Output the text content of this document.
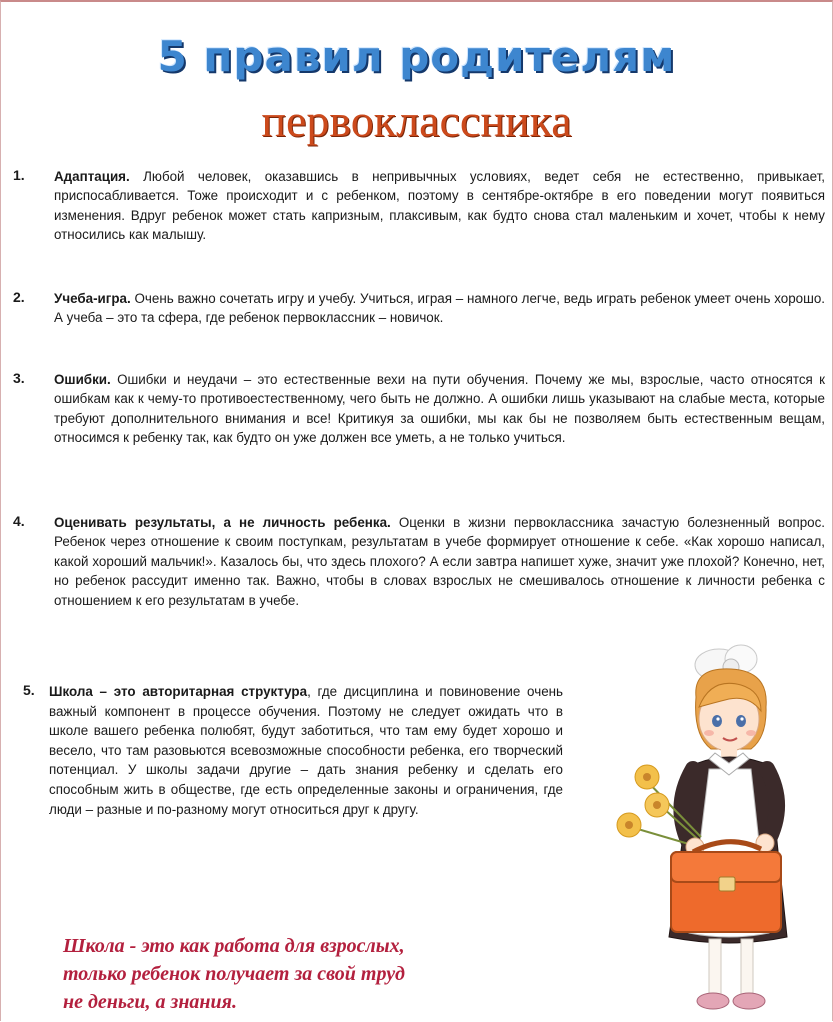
5 правил родителям
первоклассника
1. Адаптация. Любой человек, оказавшись в непривычных условиях, ведет себя не естественно, привыкает, приспосабливается. Тоже происходит и с ребенком, поэтому в сентябре-октябре в его поведении могут появиться изменения. Вдруг ребенок может стать капризным, плаксивым, как будто снова стал маленьким и хочет, чтобы к нему относились как малышу.
2. Учеба-игра. Очень важно сочетать игру и учебу. Учиться, играя – намного легче, ведь играть ребенок умеет очень хорошо. А учеба – это та сфера, где ребенок первоклассник – новичок.
3. Ошибки. Ошибки и неудачи – это естественные вехи на пути обучения. Почему же мы, взрослые, часто относятся к ошибкам как к чему-то противоестественному, чего быть не должно. А ошибки лишь указывают на слабые места, которые требуют дополнительного внимания и все! Критикуя за ошибки, мы как бы не позволяем быть естественным вещам, относимся к ребенку так, как будто он уже должен все уметь, а не только учиться.
4. Оценивать результаты, а не личность ребенка. Оценки в жизни первоклассника зачастую болезненный вопрос. Ребенок через отношение к своим поступкам, результатам в учебе формирует отношение к себе. «Как хорошо написал, какой хороший мальчик!». Казалось бы, что здесь плохого? А если завтра напишет хуже, значит уже плохой? Конечно, нет, но ребенок рассудит именно так. Важно, чтобы в словах взрослых не смешивалось отношение к личности ребенка с отношением к его результатам в учебе.
5. Школа – это авторитарная структура, где дисциплина и повиновение очень важный компонент в процессе обучения. Поэтому не следует ожидать что в школе вашего ребенка полюбят, будут заботиться, что там ему будет хорошо и весело, что там разовьются всевозможные способности ребенка, его творческий потенциал. У школы задачи другие – дать знания ребенку и сделать его способным жить в обществе, где есть определенные законы и ограничения, где люди – разные и по-разному могут относиться друг к другу.
Школа - это как работа для взрослых,
только ребенок получает за свой труд
не деньги, а знания.
